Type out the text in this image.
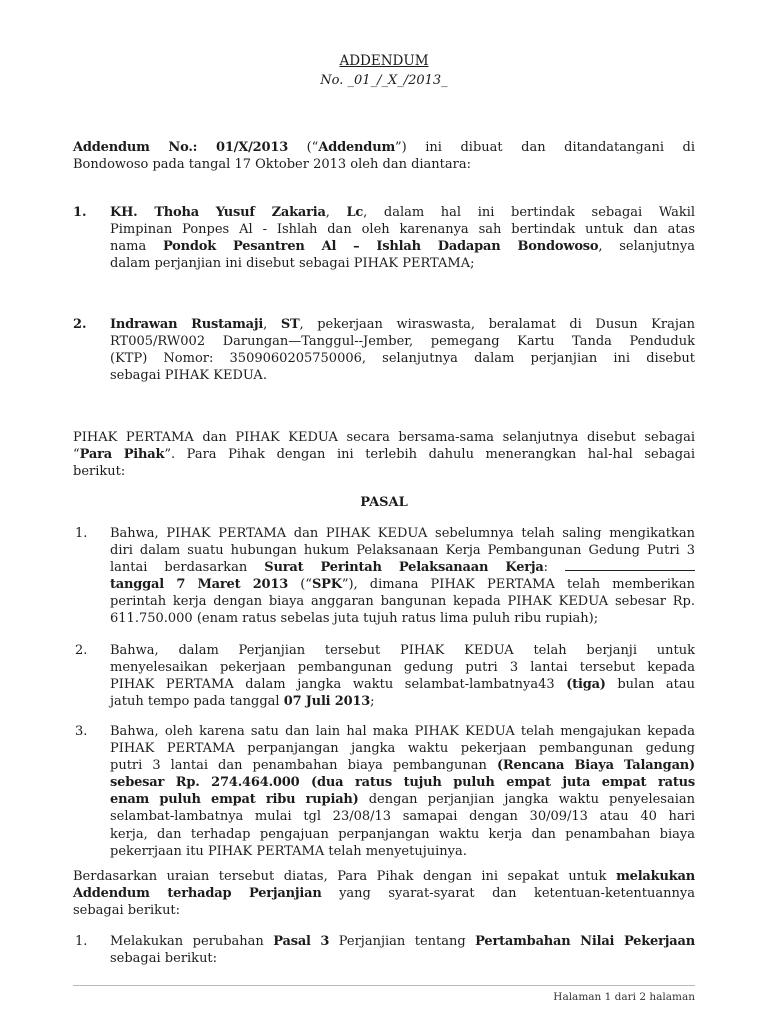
ADDENDUM
No. _01_/_X_/2013_
Addendum No.: 01/X/2013 (“Addendum”) ini dibuat dan ditandatangani di
Bondowoso pada tangal 17 Oktober 2013 oleh dan diantara:
1. KH. Thoha Yusuf Zakaria, Lc, dalam hal ini bertindak sebagai Wakil
Pimpinan Ponpes Al - Ishlah dan oleh karenanya sah bertindak untuk dan atas
nama Pondok Pesantren Al – Ishlah Dadapan Bondowoso, selanjutnya
dalam perjanjian ini disebut sebagai PIHAK PERTAMA;
2. Indrawan Rustamaji, ST, pekerjaan wiraswasta, beralamat di Dusun Krajan
RT005/RW002 Darungan—Tanggul--Jember, pemegang Kartu Tanda Penduduk
(KTP) Nomor: 3509060205750006, selanjutnya dalam perjanjian ini disebut
sebagai PIHAK KEDUA.
PIHAK PERTAMA dan PIHAK KEDUA secara bersama-sama selanjutnya disebut sebagai
“Para Pihak”. Para Pihak dengan ini terlebih dahulu menerangkan hal-hal sebagai
berikut:
PASAL
1. Bahwa, PIHAK PERTAMA dan PIHAK KEDUA sebelumnya telah saling mengikatkan
diri dalam suatu hubungan hukum Pelaksanaan Kerja Pembangunan Gedung Putri 3
lantai berdasarkan Surat Perintah Pelaksanaan Kerja:
tanggal 7 Maret 2013 (“SPK”), dimana PIHAK PERTAMA telah memberikan
perintah kerja dengan biaya anggaran bangunan kepada PIHAK KEDUA sebesar Rp.
611.750.000 (enam ratus sebelas juta tujuh ratus lima puluh ribu rupiah);
2. Bahwa, dalam Perjanjian tersebut PIHAK KEDUA telah berjanji untuk
menyelesaikan pekerjaan pembangunan gedung putri 3 lantai tersebut kepada
PIHAK PERTAMA dalam jangka waktu selambat-lambatnya43 (tiga) bulan atau
jatuh tempo pada tanggal 07 Juli 2013;
3. Bahwa, oleh karena satu dan lain hal maka PIHAK KEDUA telah mengajukan kepada
PIHAK PERTAMA perpanjangan jangka waktu pekerjaan pembangunan gedung
putri 3 lantai dan penambahan biaya pembangunan (Rencana Biaya Talangan)
sebesar Rp. 274.464.000 (dua ratus tujuh puluh empat juta empat ratus
enam puluh empat ribu rupiah) dengan perjanjian jangka waktu penyelesaian
selambat-lambatnya mulai tgl 23/08/13 samapai dengan 30/09/13 atau 40 hari
kerja, dan terhadap pengajuan perpanjangan waktu kerja dan penambahan biaya
pekerrjaan itu PIHAK PERTAMA telah menyetujuinya.
Berdasarkan uraian tersebut diatas, Para Pihak dengan ini sepakat untuk melakukan
Addendum terhadap Perjanjian yang syarat-syarat dan ketentuan-ketentuannya
sebagai berikut:
1. Melakukan perubahan Pasal 3 Perjanjian tentang Pertambahan Nilai Pekerjaan
sebagai berikut:
Halaman 1 dari 2 halaman
